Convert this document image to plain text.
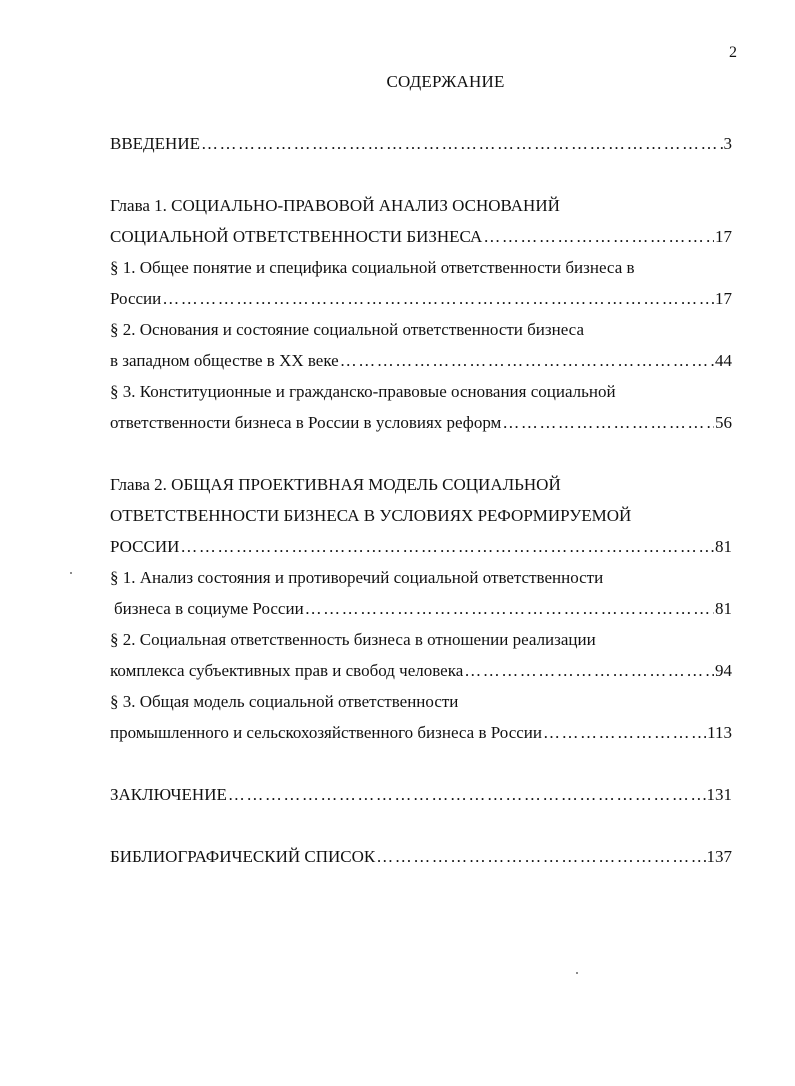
2
СОДЕРЖАНИЕ
ВВЕДЕНИЕ ……………………………………………………………………………………………………………………………………………………………………	3
Глава 1. СОЦИАЛЬНО-ПРАВОВОЙ АНАЛИЗ ОСНОВАНИЙ
СОЦИАЛЬНОЙ ОТВЕТСТВЕННОСТИ БИЗНЕСА ……………………………………………………………………………………………………………………………………………………………………	17
§ 1. Общее понятие и специфика социальной ответственности бизнеса в
России ……………………………………………………………………………………………………………………………………………………………………	17
§ 2. Основания и состояние социальной ответственности бизнеса
в западном обществе в XX веке ……………………………………………………………………………………………………………………………………………………………………	44
§ 3. Конституционные и гражданско-правовые основания социальной
ответственности бизнеса в России в условиях реформ ……………………………………………………………………………………………………………………………………………………………………	56
Глава 2. ОБЩАЯ ПРОЕКТИВНАЯ МОДЕЛЬ СОЦИАЛЬНОЙ
ОТВЕТСТВЕННОСТИ БИЗНЕСА В УСЛОВИЯХ РЕФОРМИРУЕМОЙ
РОССИИ ……………………………………………………………………………………………………………………………………………………………………	81
§ 1. Анализ состояния и противоречий социальной ответственности
бизнеса в социуме России ……………………………………………………………………………………………………………………………………………………………………	81
§ 2. Социальная ответственность бизнеса в отношении реализации
комплекса субъективных прав и свобод человека ……………………………………………………………………………………………………………………………………………………………………	94
§ 3. Общая модель социальной ответственности
промышленного и сельскохозяйственного бизнеса в России ……………………………………………………………………………………………………………………………………………………………………	113
ЗАКЛЮЧЕНИЕ ……………………………………………………………………………………………………………………………………………………………………	131
БИБЛИОГРАФИЧЕСКИЙ СПИСОК ……………………………………………………………………………………………………………………………………………………………………	137
